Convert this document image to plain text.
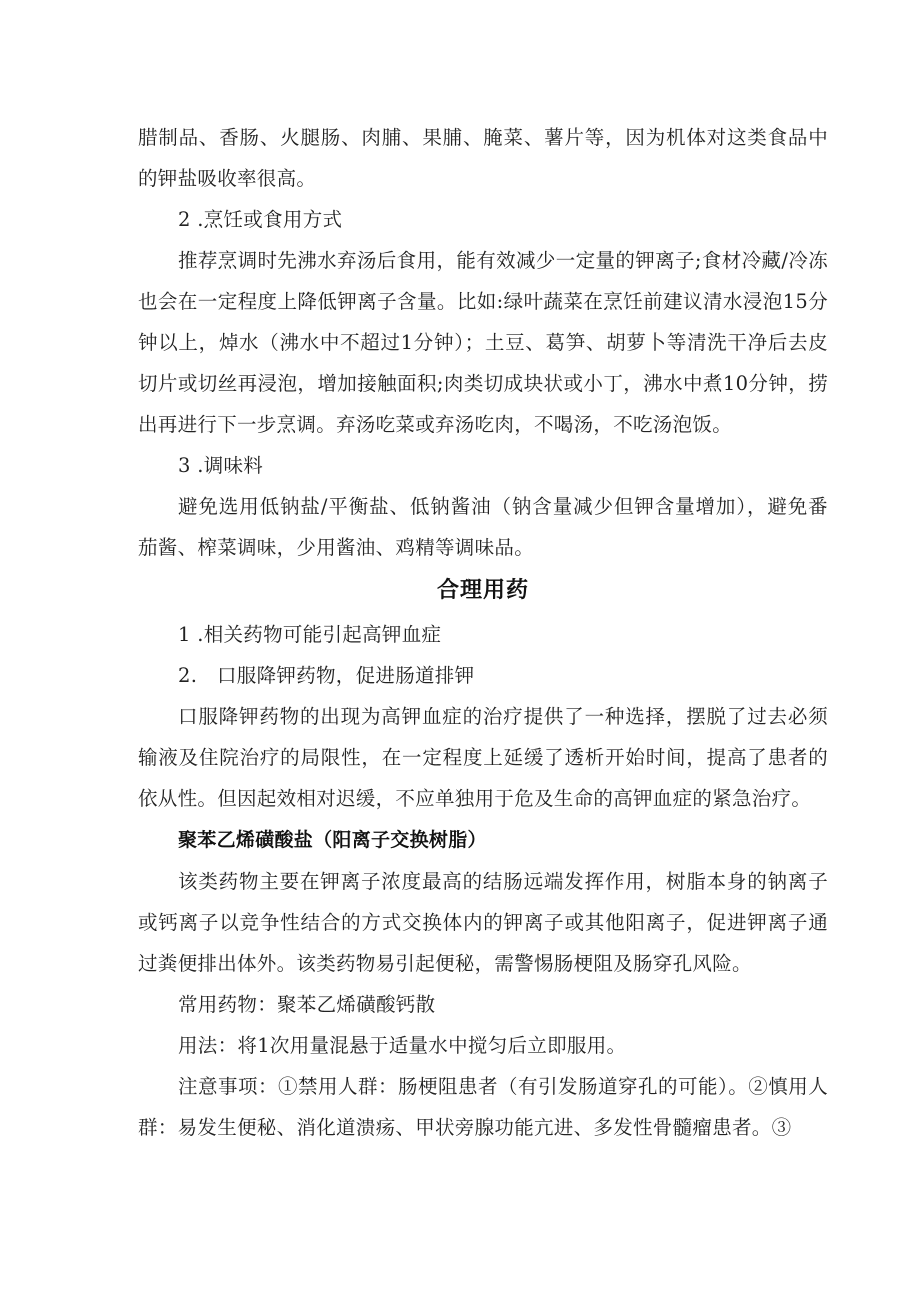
腊制品、香肠、火腿肠、肉脯、果脯、腌菜、薯片等，因为机体对这类食品中的钾盐吸收率很高。

2 .烹饪或食用方式

推荐烹调时先沸水弃汤后食用，能有效减少一定量的钾离子;食材冷藏/冷冻也会在一定程度上降低钾离子含量。比如:绿叶蔬菜在烹饪前建议清水浸泡15分钟以上，焯水（沸水中不超过1分钟）；土豆、葛笋、胡萝卜等清洗干净后去皮切片或切丝再浸泡，增加接触面积;肉类切成块状或小丁，沸水中煮10分钟，捞出再进行下一步烹调。弃汤吃菜或弃汤吃肉，不喝汤，不吃汤泡饭。

3 .调味料

避免选用低钠盐/平衡盐、低钠酱油（钠含量减少但钾含量增加），避免番茄酱、榨菜调味，少用酱油、鸡精等调味品。

合理用药

1 .相关药物可能引起高钾血症

2.　口服降钾药物，促进肠道排钾

口服降钾药物的出现为高钾血症的治疗提供了一种选择，摆脱了过去必须输液及住院治疗的局限性，在一定程度上延缓了透析开始时间，提高了患者的依从性。但因起效相对迟缓，不应单独用于危及生命的高钾血症的紧急治疗。

聚苯乙烯磺酸盐（阳离子交换树脂）

该类药物主要在钾离子浓度最高的结肠远端发挥作用，树脂本身的钠离子或钙离子以竞争性结合的方式交换体内的钾离子或其他阳离子，促进钾离子通过粪便排出体外。该类药物易引起便秘，需警惕肠梗阻及肠穿孔风险。

常用药物：聚苯乙烯磺酸钙散

用法：将1次用量混悬于适量水中搅匀后立即服用。

注意事项：①禁用人群：肠梗阻患者（有引发肠道穿孔的可能）。②慎用人群：易发生便秘、消化道溃疡、甲状旁腺功能亢进、多发性骨髓瘤患者。③
